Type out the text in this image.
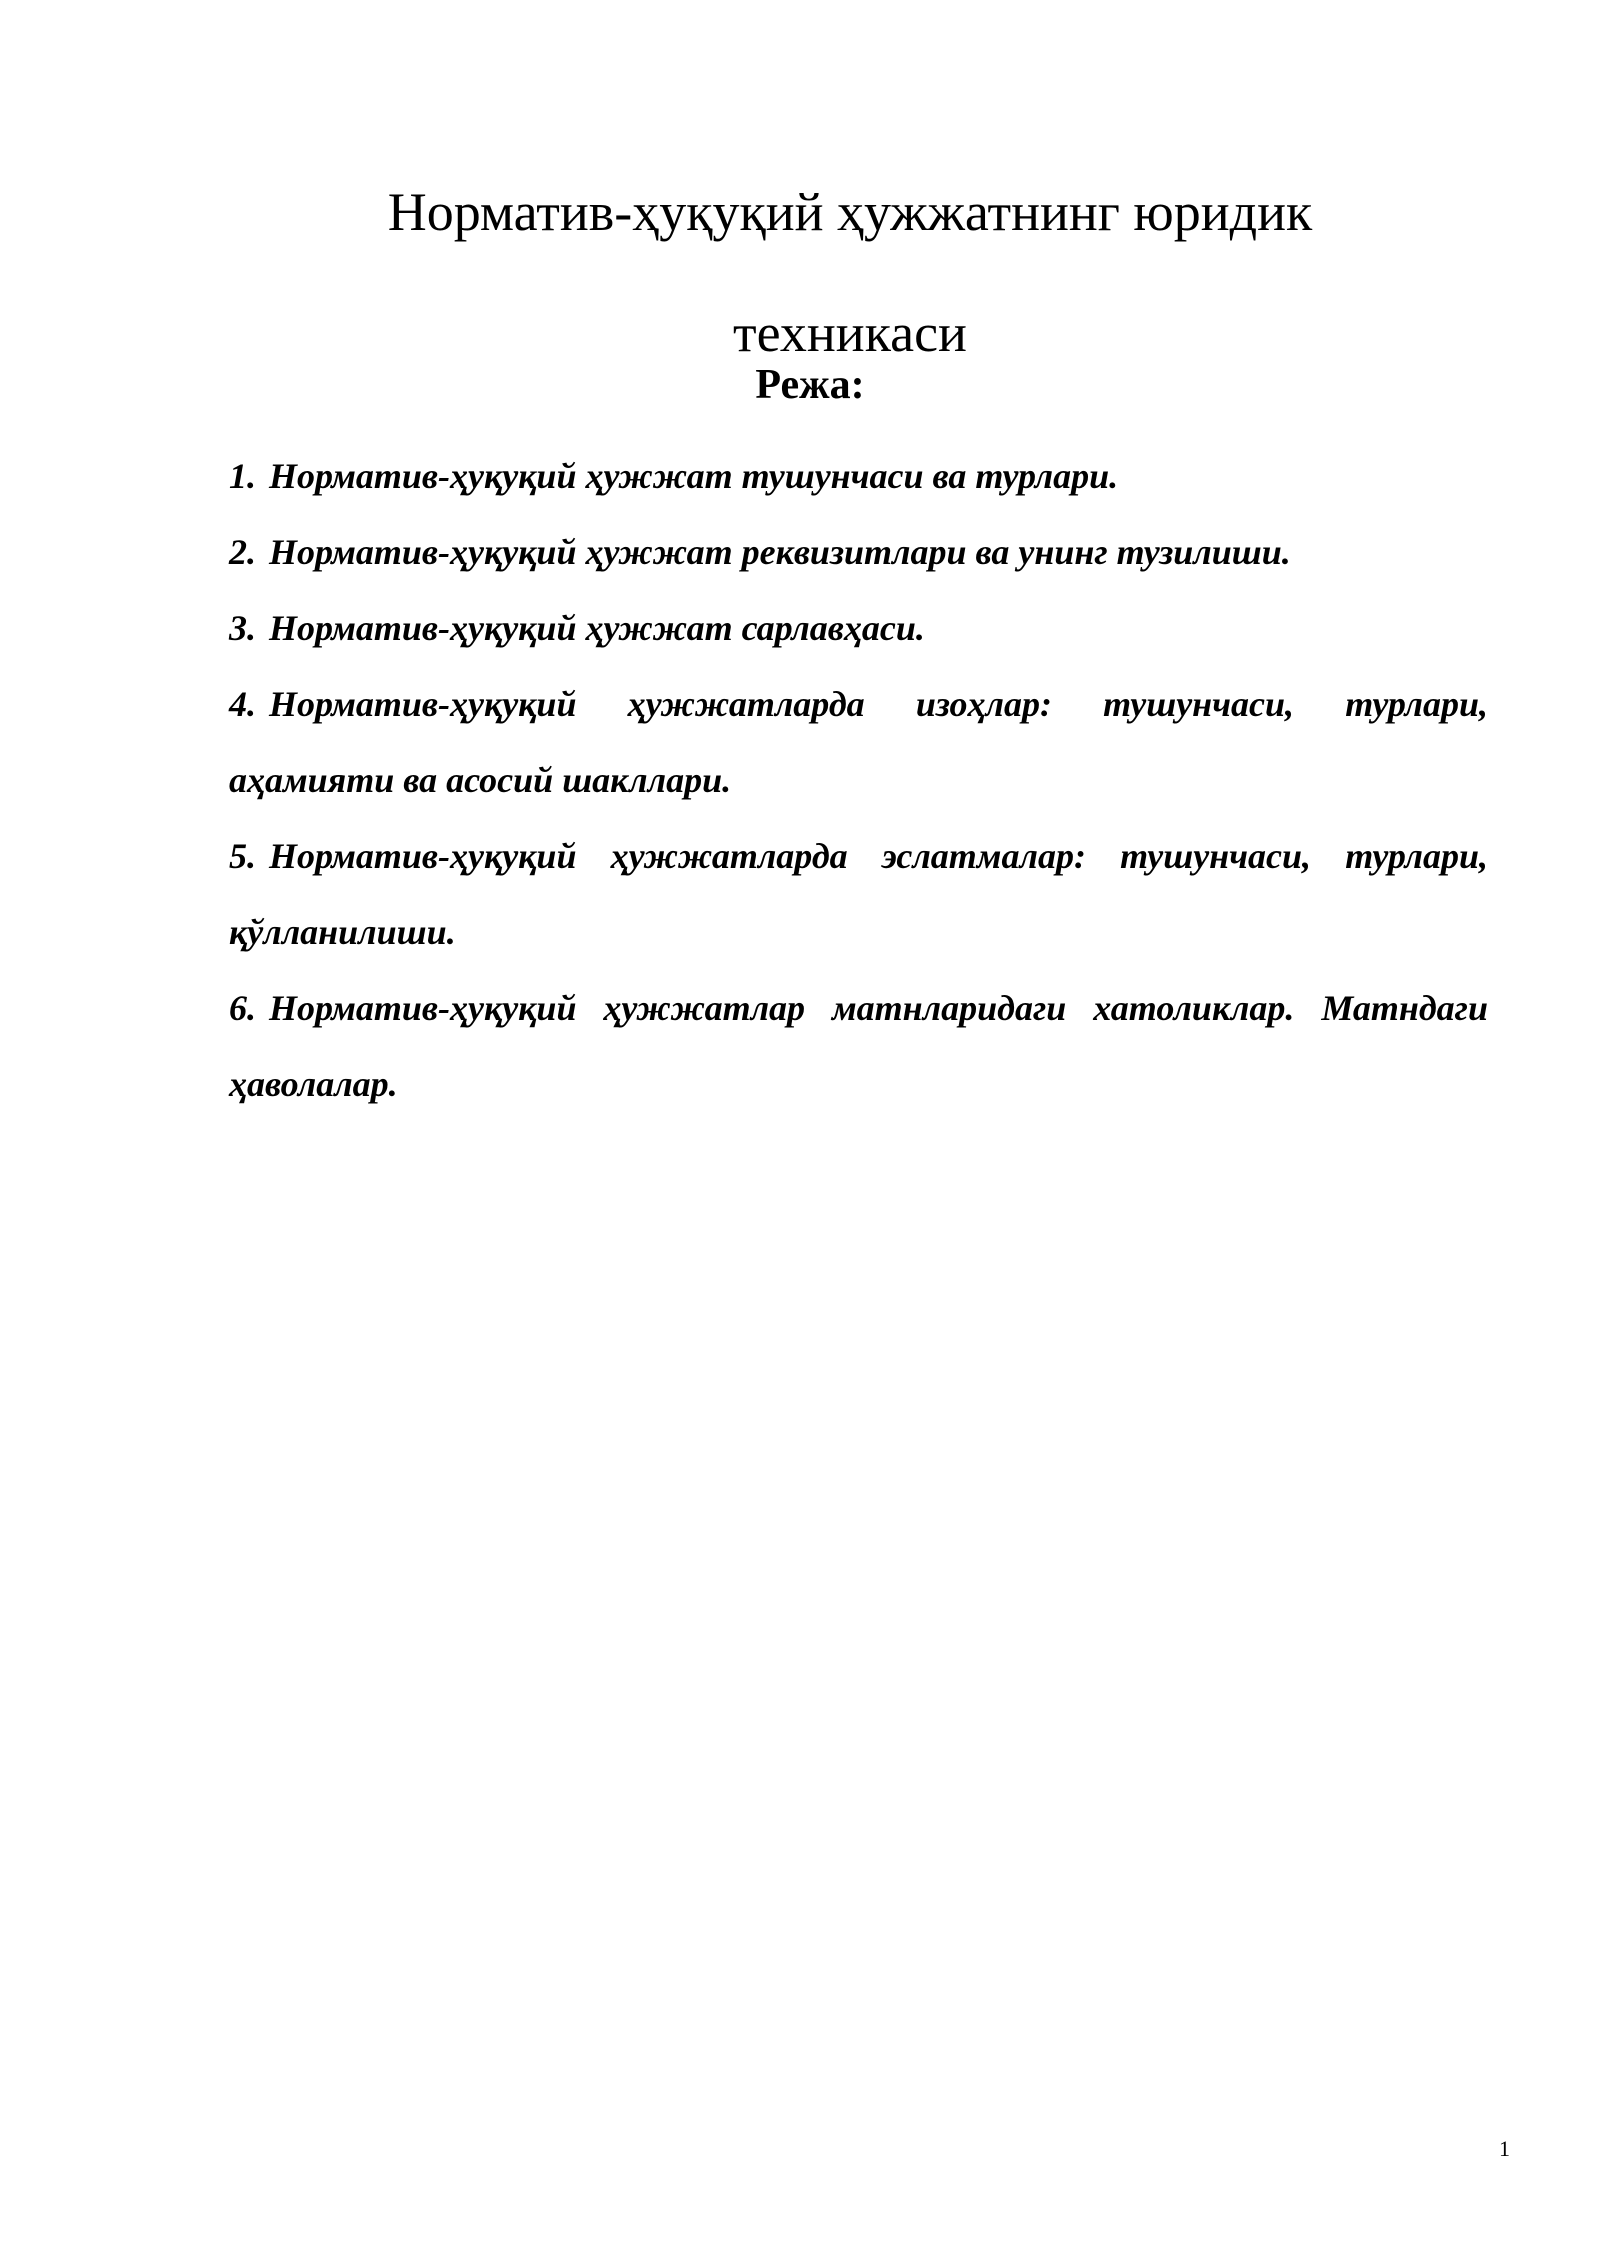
Норматив-ҳуқуқий ҳужжатнинг юридик
техникаси
Режа:
1. Норматив-ҳуқуқий ҳужжат тушунчаси ва турлари.
2. Норматив-ҳуқуқий ҳужжат реквизитлари ва унинг тузилиши.
3. Норматив-ҳуқуқий ҳужжат сарлавҳаси.
4. Норматив-ҳуқуқий ҳужжатларда изоҳлар: тушунчаси, турлари, аҳамияти ва асосий шакллари.
5. Норматив-ҳуқуқий ҳужжатларда эслатмалар: тушунчаси, турлари, қўлланилиши.
6. Норматив-ҳуқуқий ҳужжатлар матнларидаги хатоликлар. Матндаги ҳаволалар.
1
